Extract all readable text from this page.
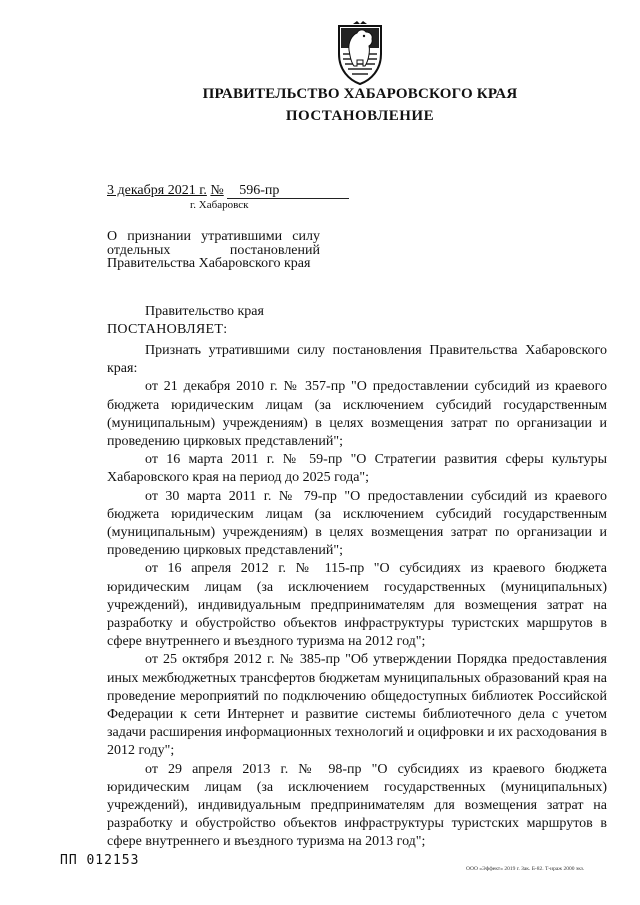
ПРАВИТЕЛЬСТВО ХАБАРОВСКОГО КРАЯ
ПОСТАНОВЛЕНИЕ
3 декабря 2021 г. № 596-пр
г. Хабаровск
О признании утратившими силу
отдельных постановлений
Правительства Хабаровского края
Правительство края
ПОСТАНОВЛЯЕТ:

Признать утратившими силу постановления Правительства Хабаровского края:

от 21 декабря 2010 г. № 357-пр "О предоставлении субсидий из краевого бюджета юридическим лицам (за исключением субсидий государственным (муниципальным) учреждениям) в целях возмещения затрат по организации и проведению цирковых представлений";

от 16 марта 2011 г. № 59-пр "О Стратегии развития сферы культуры Хабаровского края на период до 2025 года";

от 30 марта 2011 г. № 79-пр "О предоставлении субсидий из краевого бюджета юридическим лицам (за исключением субсидий государственным (муниципальным) учреждениям) в целях возмещения затрат по организации и проведению цирковых представлений";

от 16 апреля 2012 г. № 115-пр "О субсидиях из краевого бюджета юридическим лицам (за исключением государственных (муниципальных) учреждений), индивидуальным предпринимателям для возмещения затрат на разработку и обустройство объектов инфраструктуры туристских маршрутов в сфере внутреннего и въездного туризма на 2012 год";

от 25 октября 2012 г. № 385-пр "Об утверждении Порядка предоставления иных межбюджетных трансфертов бюджетам муниципальных образований края на проведение мероприятий по подключению общедоступных библиотек Российской Федерации к сети Интернет и развитие системы библиотечного дела с учетом задачи расширения информационных технологий и оцифровки и их расходования в 2012 году";

от 29 апреля 2013 г. № 98-пр "О субсидиях из краевого бюджета юридическим лицам (за исключением государственных (муниципальных) учреждений), индивидуальным предпринимателям для возмещения затрат на разработку и обустройство объектов инфраструктуры туристских маршрутов в сфере внутреннего и въездного туризма на 2013 год";

ПП 012153
ООО «Эффект» 2019 г. Зак. Б-82. Т-ираж 2000 экз.
